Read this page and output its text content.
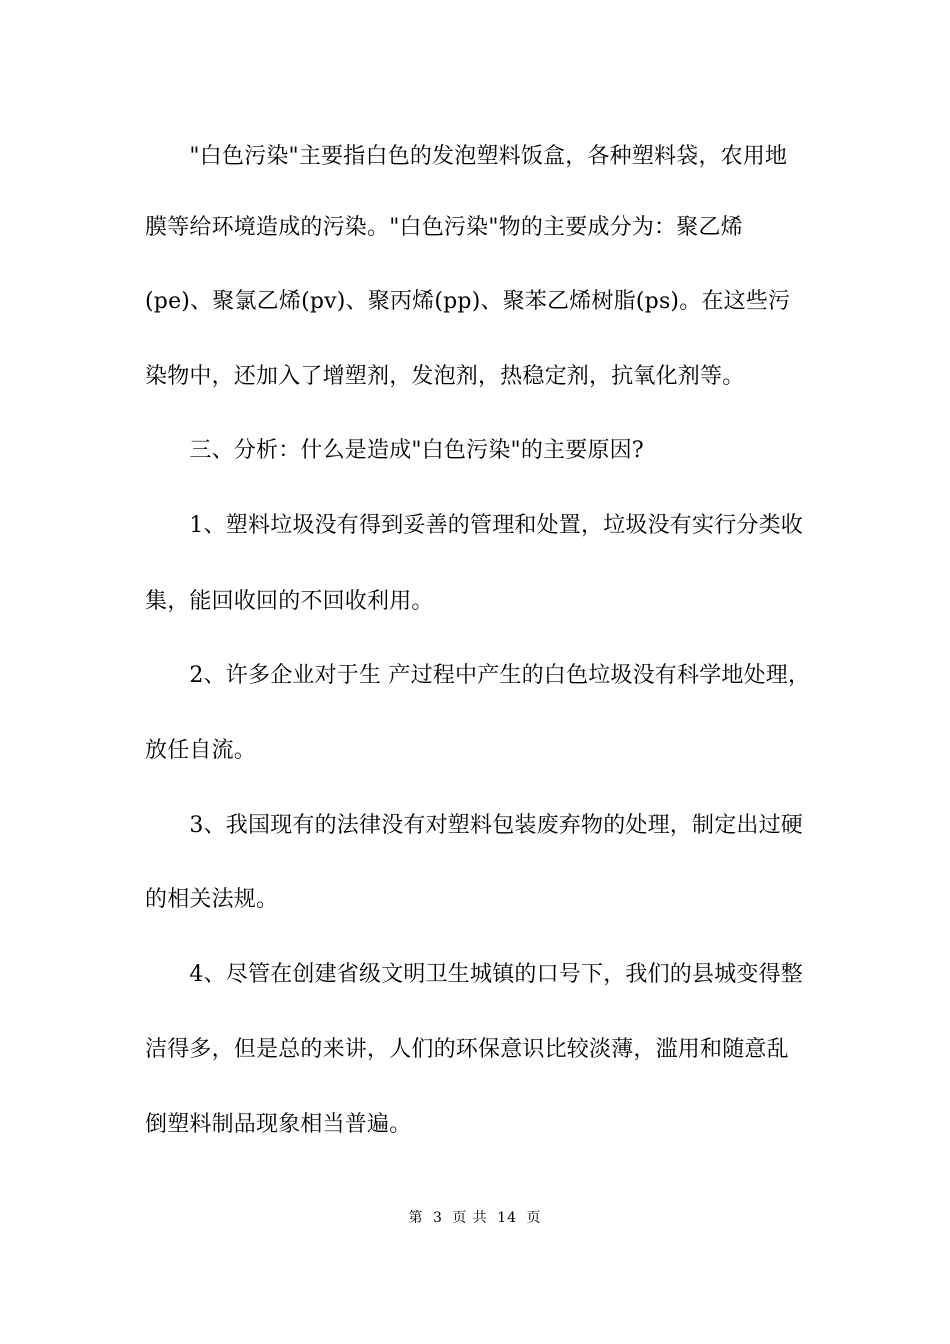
　　"白色污染"主要指白色的发泡塑料饭盒，各种塑料袋，农用地
膜等给环境造成的污染。"白色污染"物的主要成分为：聚乙烯
(pe)、聚氯乙烯(pv)、聚丙烯(pp)、聚苯乙烯树脂(ps)。在这些污
染物中，还加入了增塑剂，发泡剂，热稳定剂，抗氧化剂等。
　　三、分析：什么是造成"白色污染"的主要原因?
　　1、塑料垃圾没有得到妥善的管理和处置，垃圾没有实行分类收
集，能回收回的不回收利用。
　　2、许多企业对于生 产过程中产生的白色垃圾没有科学地处理，
放任自流。
　　3、我国现有的法律没有对塑料包装废弃物的处理，制定出过硬
的相关法规。
　　4、尽管在创建省级文明卫生城镇的口号下，我们的县城变得整
洁得多，但是总的来讲，人们的环保意识比较淡薄，滥用和随意乱
倒塑料制品现象相当普遍。
第 3 页 共 14 页
